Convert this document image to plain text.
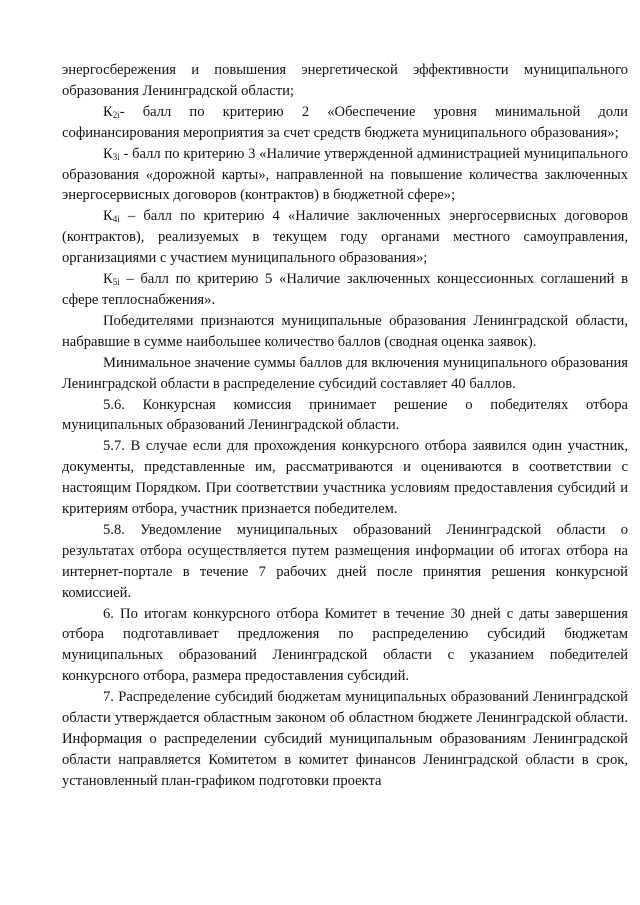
энергосбережения и повышения энергетической эффективности муниципального образования Ленинградской области;

$К_{2i}-$ балл по критерию 2 «Обеспечение уровня минимальной доли софинансирования мероприятия за счет средств бюджета муниципального образования»;

$К_{3i}$ - балл по критерию 3 «Наличие утвержденной администрацией муниципального образования «дорожной карты», направленной на повышение количества заключенных энергосервисных договоров (контрактов) в бюджетной сфере»;

$К_{4i}$ – балл по критерию 4 «Наличие заключенных энергосервисных договоров (контрактов), реализуемых в текущем году органами местного самоуправления, организациями с участием муниципального образования»;

$К_{5i}$ – балл по критерию 5 «Наличие заключенных концессионных соглашений в сфере теплоснабжения».

Победителями признаются муниципальные образования Ленинградской области, набравшие в сумме наибольшее количество баллов (сводная оценка заявок).

Минимальное значение суммы баллов для включения муниципального образования Ленинградской области в распределение субсидий составляет 40 баллов.

5.6. Конкурсная комиссия принимает решение о победителях отбора муниципальных образований Ленинградской области.

5.7. В случае если для прохождения конкурсного отбора заявился один участник, документы, представленные им, рассматриваются и оцениваются в соответствии с настоящим Порядком. При соответствии участника условиям предоставления субсидий и критериям отбора, участник признается победителем.

5.8. Уведомление муниципальных образований Ленинградской области о результатах отбора осуществляется путем размещения информации об итогах отбора на интернет-портале в течение 7 рабочих дней после принятия решения конкурсной комиссией.

6. По итогам конкурсного отбора Комитет в течение 30 дней с даты завершения отбора подготавливает предложения по распределению субсидий бюджетам муниципальных образований Ленинградской области с указанием победителей конкурсного отбора, размера предоставления субсидий.

7. Распределение субсидий бюджетам муниципальных образований Ленинградской области утверждается областным законом об областном бюджете Ленинградской области. Информация о распределении субсидий муниципальным образованиям Ленинградской области направляется Комитетом в комитет финансов Ленинградской области в срок, установленный план-графиком подготовки проекта
